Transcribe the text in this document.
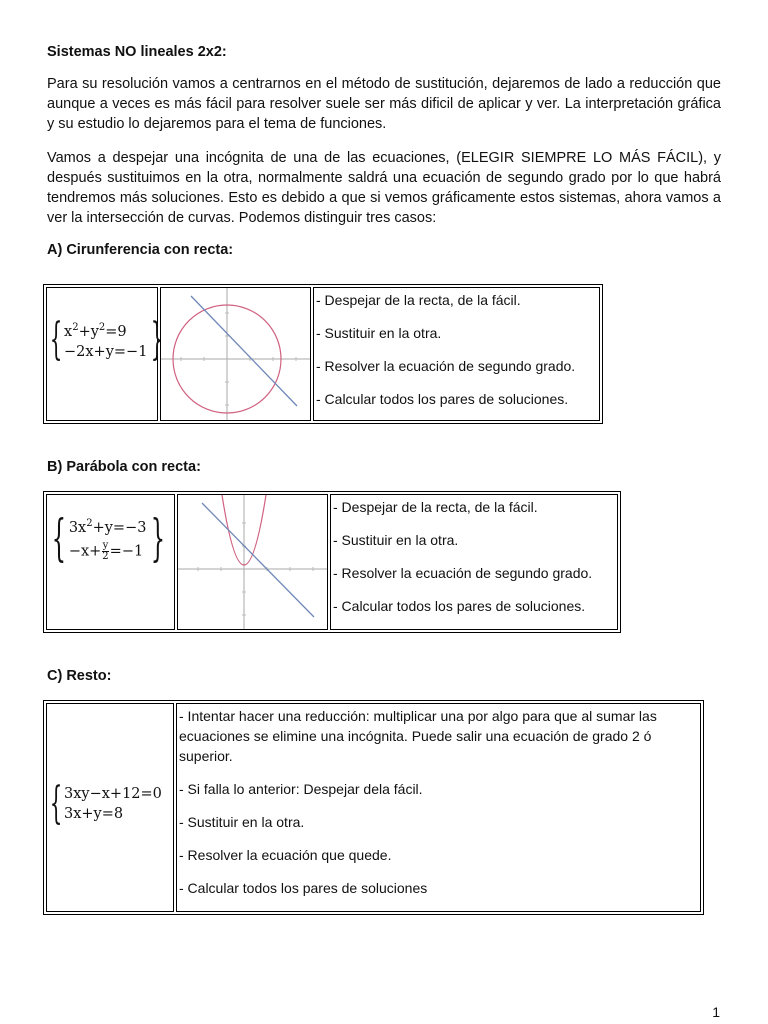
Sistemas NO lineales 2x2:

Para su resolución vamos a centrarnos en el método de sustitución, dejaremos de lado a reducción que aunque a veces es más fácil para resolver suele ser más dificil de aplicar y ver. La interpretación gráfica y su estudio lo dejaremos para el tema de funciones.

Vamos a despejar una incógnita de una de las ecuaciones, (ELEGIR SIEMPRE LO MÁS FÁCIL), y después sustituimos en la otra, normalmente saldrá una ecuación de segundo grado por lo que habrá tendremos más soluciones. Esto es debido a que si vemos gráficamente estos sistemas, ahora vamos a ver la intersección de curvas. Podemos distinguir tres casos:

A) Cirunferencia con recta:
{ $x^2+y^2=9$
−2x+y=−1 }
- Despejar de la recta, de la fácil.
- Sustituir en la otra.
- Resolver la ecuación de segundo grado.
- Calcular todos los pares de soluciones.
B) Parábola con recta:
{ $3x^2+y=-3$
$-x+ \frac{y}{2} =-1$ }
- Despejar de la recta, de la fácil.
- Sustituir en la otra.
- Resolver la ecuación de segundo grado.
- Calcular todos los pares de soluciones.
C) Resto:
{ 3xy−x+12=0
3x+y=8
- Intentar hacer una reducción: multiplicar una por algo para que al sumar las ecuaciones se elimine una incógnita. Puede salir una ecuación de grado 2 ó superior.
- Si falla lo anterior: Despejar dela fácil.
- Sustituir en la otra.
- Resolver la ecuación que quede.
- Calcular todos los pares de soluciones
1
